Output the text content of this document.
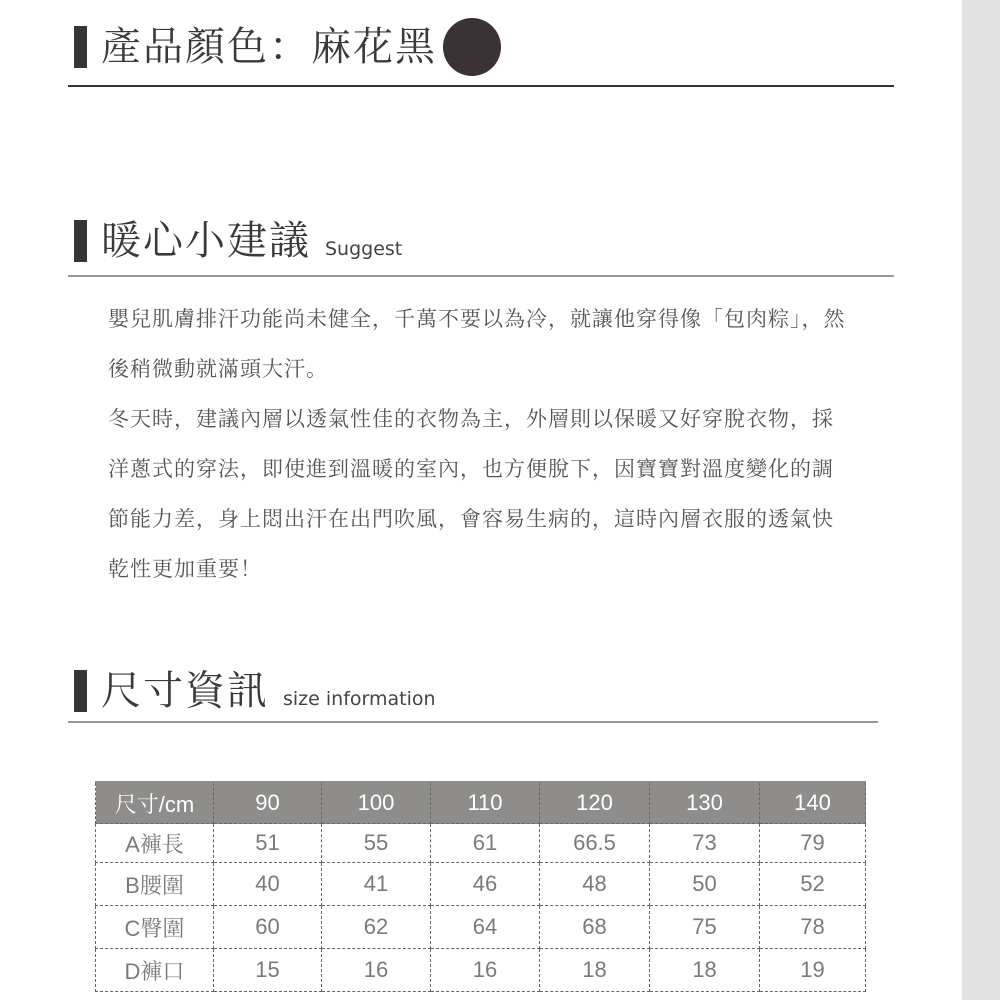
產品顏色：麻花黑
暖心小建議 Suggest

嬰兒肌膚排汗功能尚未健全，千萬不要以為冷，就讓他穿得像「包肉粽」，然後稍微動就滿頭大汗。

冬天時，建議內層以透氣性佳的衣物為主，外層則以保暖又好穿脫衣物，採洋蔥式的穿法，即使進到溫暖的室內，也方便脫下，因寶寶對溫度變化的調節能力差，身上悶出汗在出門吹風，會容易生病的，這時內層衣服的透氣快乾性更加重要！

尺寸資訊 size information
尺寸/cm	90	100	110	120	130	140
A褲長	51	55	61	66.5	73	79
B腰圍	40	41	46	48	50	52
C臀圍	60	62	64	68	75	78
D褲口	15	16	16	18	18	19
